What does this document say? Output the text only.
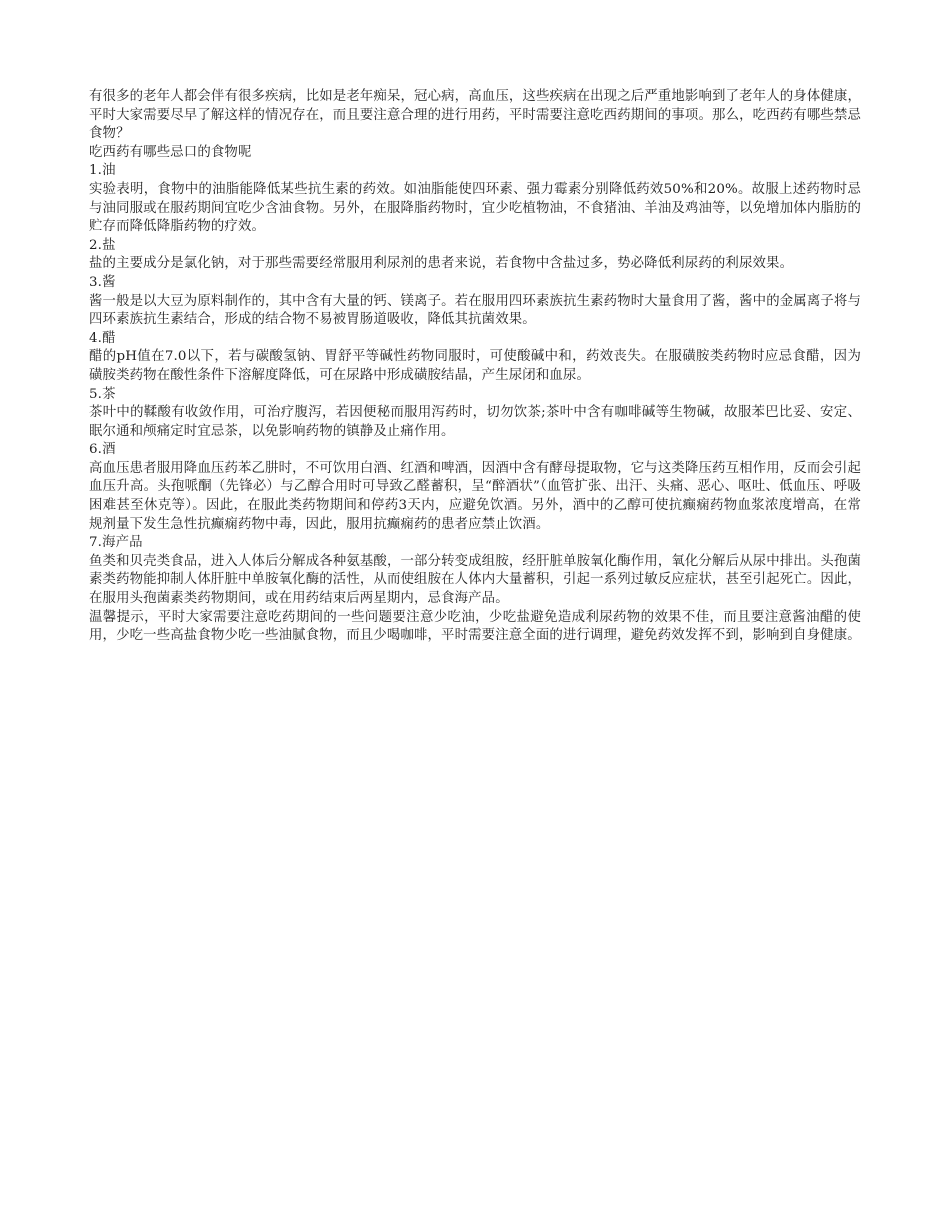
有很多的老年人都会伴有很多疾病，比如是老年痴呆，冠心病，高血压，这些疾病在出现之后严重地影响到了老年人的身体健康，平时大家需要尽早了解这样的情况存在，而且要注意合理的进行用药，平时需要注意吃西药期间的事项。那么，吃西药有哪些禁忌食物？

吃西药有哪些忌口的食物呢

1.油

实验表明，食物中的油脂能降低某些抗生素的药效。如油脂能使四环素、强力霉素分别降低药效50%和20%。故服上述药物时忌与油同服或在服药期间宜吃少含油食物。另外，在服降脂药物时，宜少吃植物油，不食猪油、羊油及鸡油等，以免增加体内脂肪的贮存而降低降脂药物的疗效。

2.盐

盐的主要成分是氯化钠，对于那些需要经常服用利尿剂的患者来说，若食物中含盐过多，势必降低利尿药的利尿效果。

3.酱

酱一般是以大豆为原料制作的，其中含有大量的钙、镁离子。若在服用四环素族抗生素药物时大量食用了酱，酱中的金属离子将与四环素族抗生素结合，形成的结合物不易被胃肠道吸收，降低其抗菌效果。

4.醋

醋的pH值在7.0以下，若与碳酸氢钠、胃舒平等碱性药物同服时，可使酸碱中和，药效丧失。在服磺胺类药物时应忌食醋，因为磺胺类药物在酸性条件下溶解度降低，可在尿路中形成磺胺结晶，产生尿闭和血尿。

5.茶

茶叶中的鞣酸有收敛作用，可治疗腹泻，若因便秘而服用泻药时，切勿饮茶;茶叶中含有咖啡碱等生物碱，故服苯巴比妥、安定、眠尔通和颅痛定时宜忌茶，以免影响药物的镇静及止痛作用。

6.酒

高血压患者服用降血压药苯乙肼时，不可饮用白酒、红酒和啤酒，因酒中含有酵母提取物，它与这类降压药互相作用，反而会引起血压升高。头孢哌酮（先锋必）与乙醇合用时可导致乙醛蓄积，呈“醉酒状”（血管扩张、出汗、头痛、恶心、呕吐、低血压、呼吸困难甚至休克等）。因此，在服此类药物期间和停药3天内，应避免饮酒。另外，酒中的乙醇可使抗癫痫药物血浆浓度增高，在常规剂量下发生急性抗癫痫药物中毒，因此，服用抗癫痫药的患者应禁止饮酒。

7.海产品

鱼类和贝壳类食品，进入人体后分解成各种氨基酸，一部分转变成组胺，经肝脏单胺氧化酶作用，氧化分解后从尿中排出。头孢菌素类药物能抑制人体肝脏中单胺氧化酶的活性，从而使组胺在人体内大量蓄积，引起一系列过敏反应症状，甚至引起死亡。因此，在服用头孢菌素类药物期间，或在用药结束后两星期内，忌食海产品。

温馨提示，平时大家需要注意吃药期间的一些问题要注意少吃油，少吃盐避免造成利尿药物的效果不佳，而且要注意酱油醋的使用，少吃一些高盐食物少吃一些油腻食物，而且少喝咖啡，平时需要注意全面的进行调理，避免药效发挥不到，影响到自身健康。
